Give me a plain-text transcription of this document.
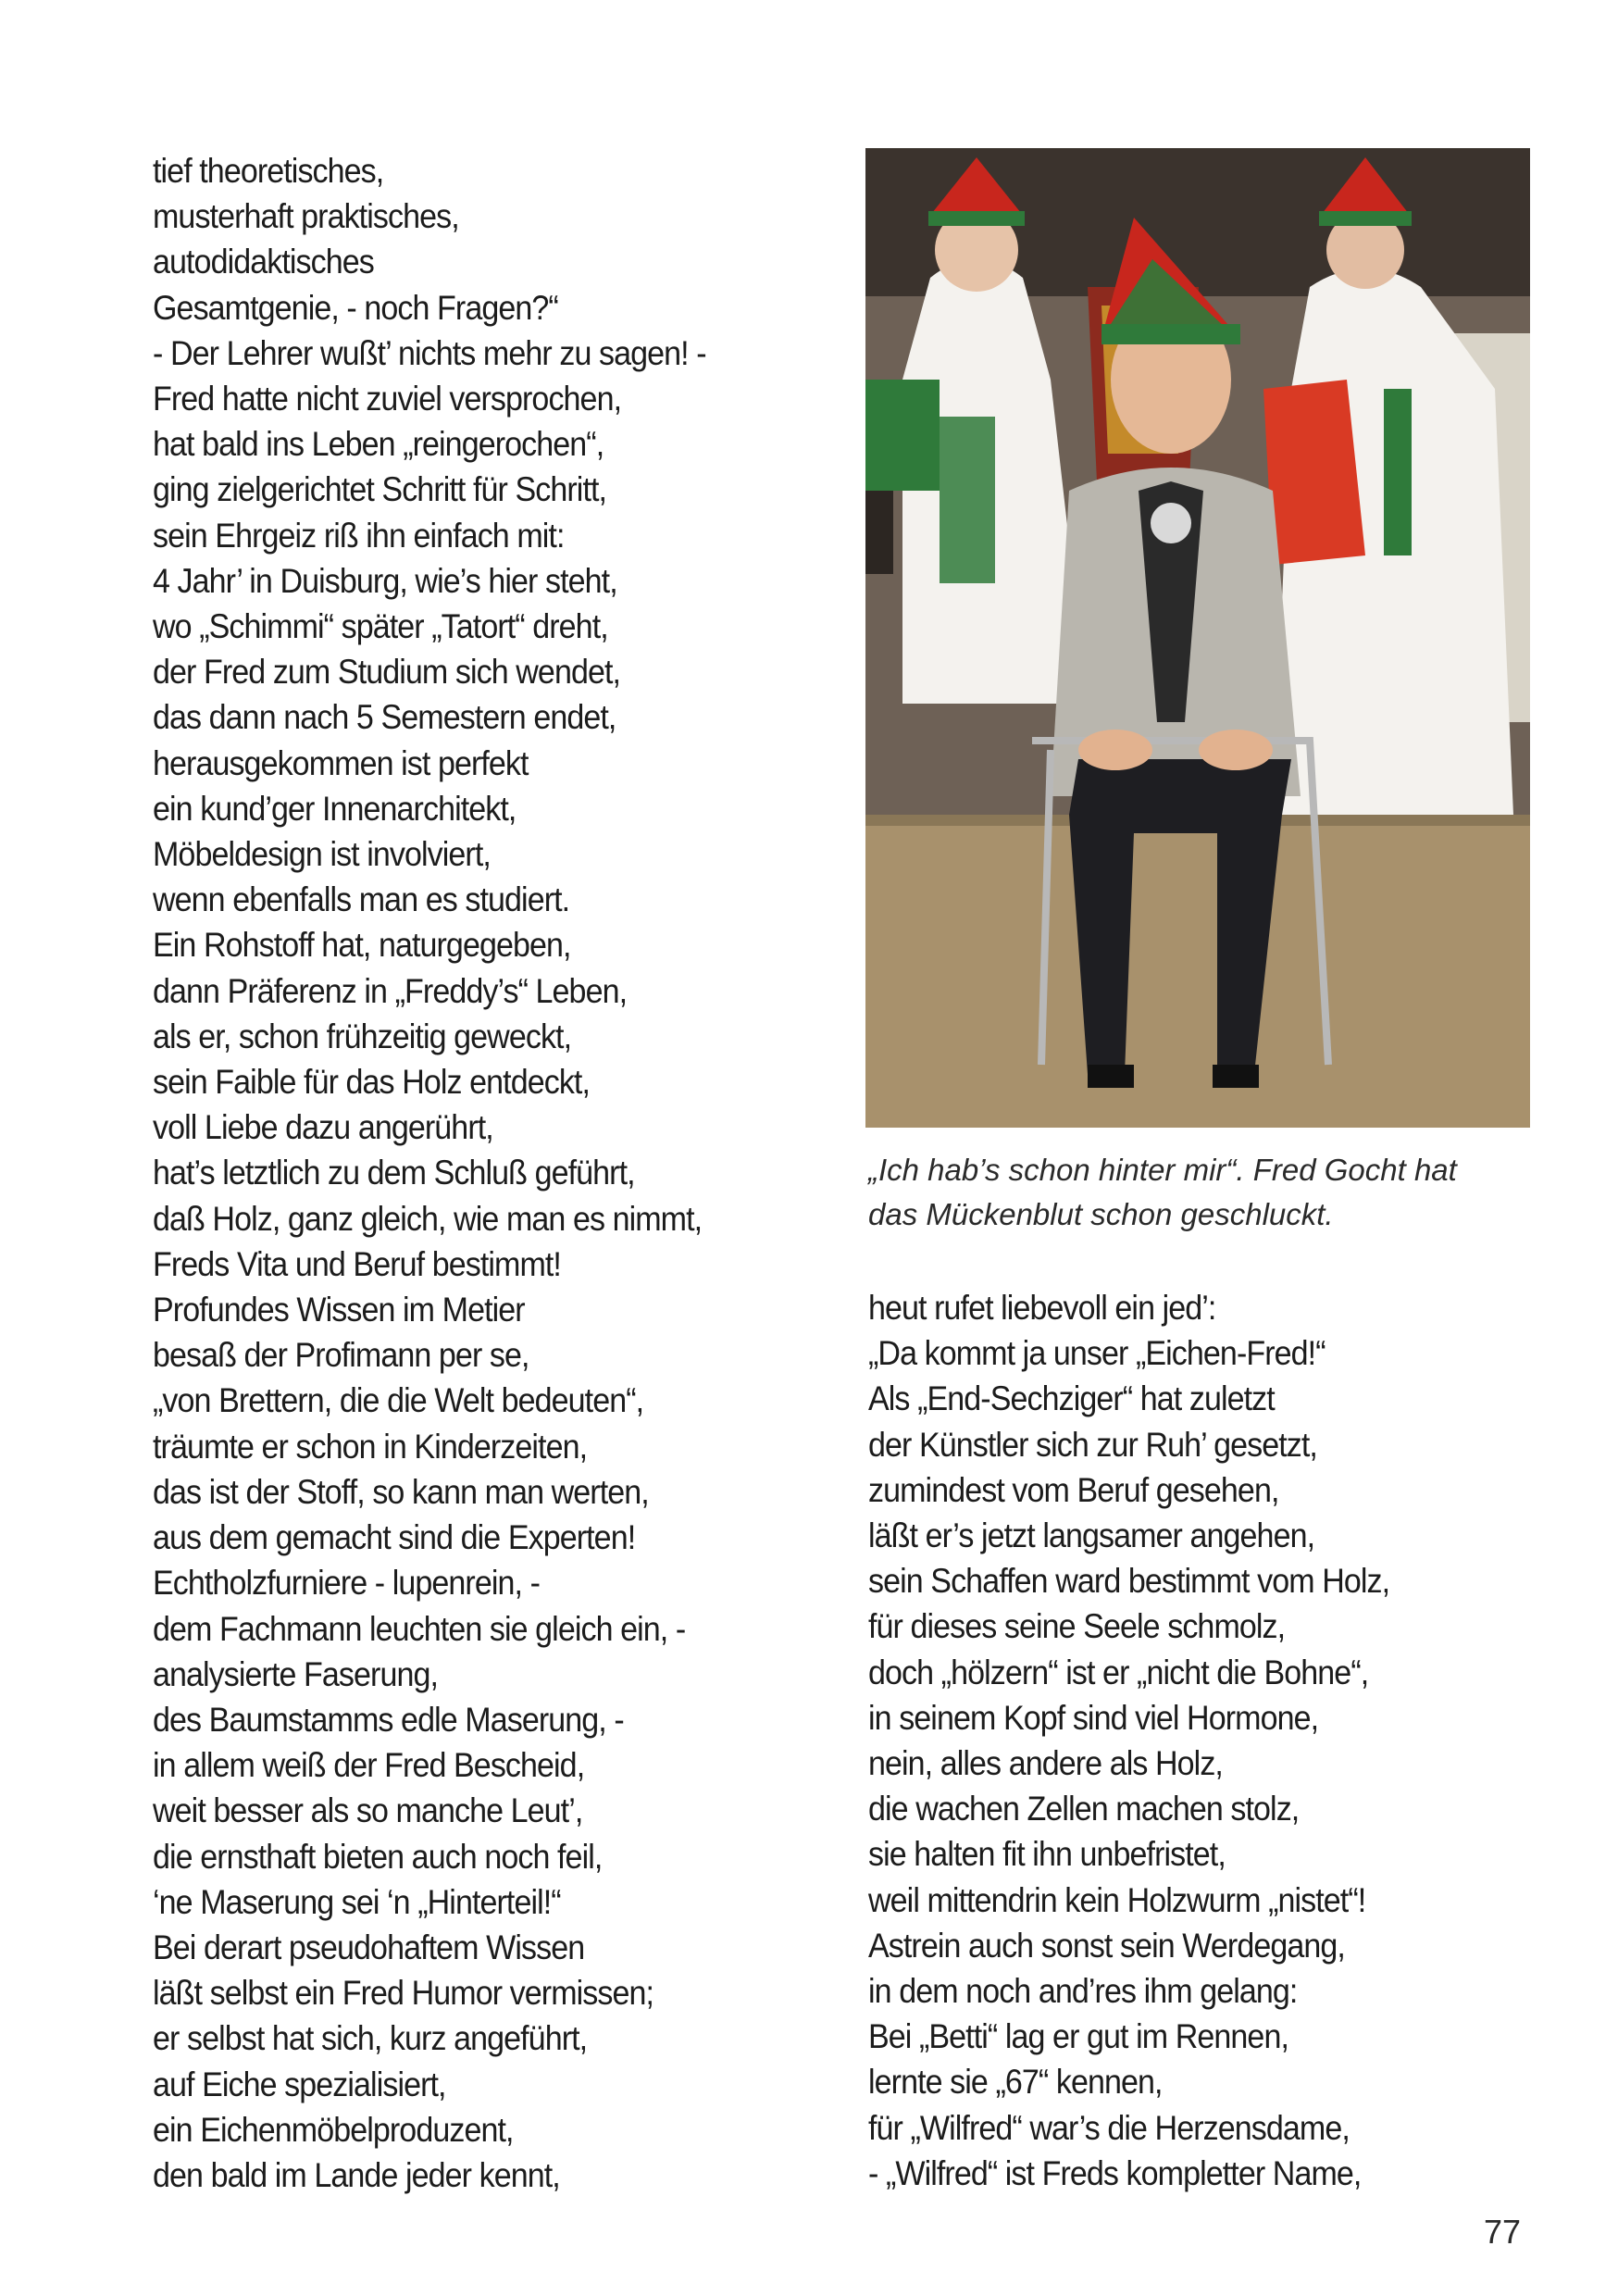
tief theoretisches,
musterhaft praktisches,
autodidaktisches
Gesamtgenie, - noch Fragen?“
- Der Lehrer wußt’ nichts mehr zu sagen! -
Fred hatte nicht zuviel versprochen,
hat bald ins Leben „reingerochen“,
ging zielgerichtet Schritt für Schritt,
sein Ehrgeiz riß ihn einfach mit:
4 Jahr’ in Duisburg, wie’s hier steht,
wo „Schimmi“ später „Tatort“ dreht,
der Fred zum Studium sich wendet,
das dann nach 5 Semestern endet,
herausgekommen ist perfekt
ein kund’ger Innenarchitekt,
Möbeldesign ist involviert,
wenn ebenfalls man es studiert.
Ein Rohstoff hat, naturgegeben,
dann Präferenz in „Freddy’s“ Leben,
als er, schon frühzeitig geweckt,
sein Faible für das Holz entdeckt,
voll Liebe dazu angerührt,
hat’s letztlich zu dem Schluß geführt,
daß Holz, ganz gleich, wie man es nimmt,
Freds Vita und Beruf bestimmt!
Profundes Wissen im Metier
besaß der Profimann per se,
„von Brettern, die die Welt bedeuten“,
träumte er schon in Kinderzeiten,
das ist der Stoff, so kann man werten,
aus dem gemacht sind die Experten!
Echtholzfurniere - lupenrein, -
dem Fachmann leuchten sie gleich ein, -
analysierte Faserung,
des Baumstamms edle Maserung, -
in allem weiß der Fred Bescheid,
weit besser als so manche Leut’,
die ernsthaft bieten auch noch feil,
‘ne Maserung sei ‘n „Hinterteil!“
Bei derart pseudohaftem Wissen
läßt selbst ein Fred Humor vermissen;
er selbst hat sich, kurz angeführt,
auf Eiche spezialisiert,
ein Eichenmöbelproduzent,
den bald im Lande jeder kennt,
„Ich hab’s schon hinter mir“. Fred Gocht hat
das Mückenblut schon geschluckt.
heut rufet liebevoll ein jed’:
„Da kommt ja unser „Eichen-Fred!“
Als „End-Sechziger“ hat zuletzt
der Künstler sich zur Ruh’ gesetzt,
zumindest vom Beruf gesehen,
läßt er’s jetzt langsamer angehen,
sein Schaffen ward bestimmt vom Holz,
für dieses seine Seele schmolz,
doch „hölzern“ ist er „nicht die Bohne“,
in seinem Kopf sind viel Hormone,
nein, alles andere als Holz,
die wachen Zellen machen stolz,
sie halten fit ihn unbefristet,
weil mittendrin kein Holzwurm „nistet“!
Astrein auch sonst sein Werdegang,
in dem noch and’res ihm gelang:
Bei „Betti“ lag er gut im Rennen,
lernte sie „67“ kennen,
für „Wilfred“ war’s die Herzensdame,
- „Wilfred“ ist Freds kompletter Name,
77
